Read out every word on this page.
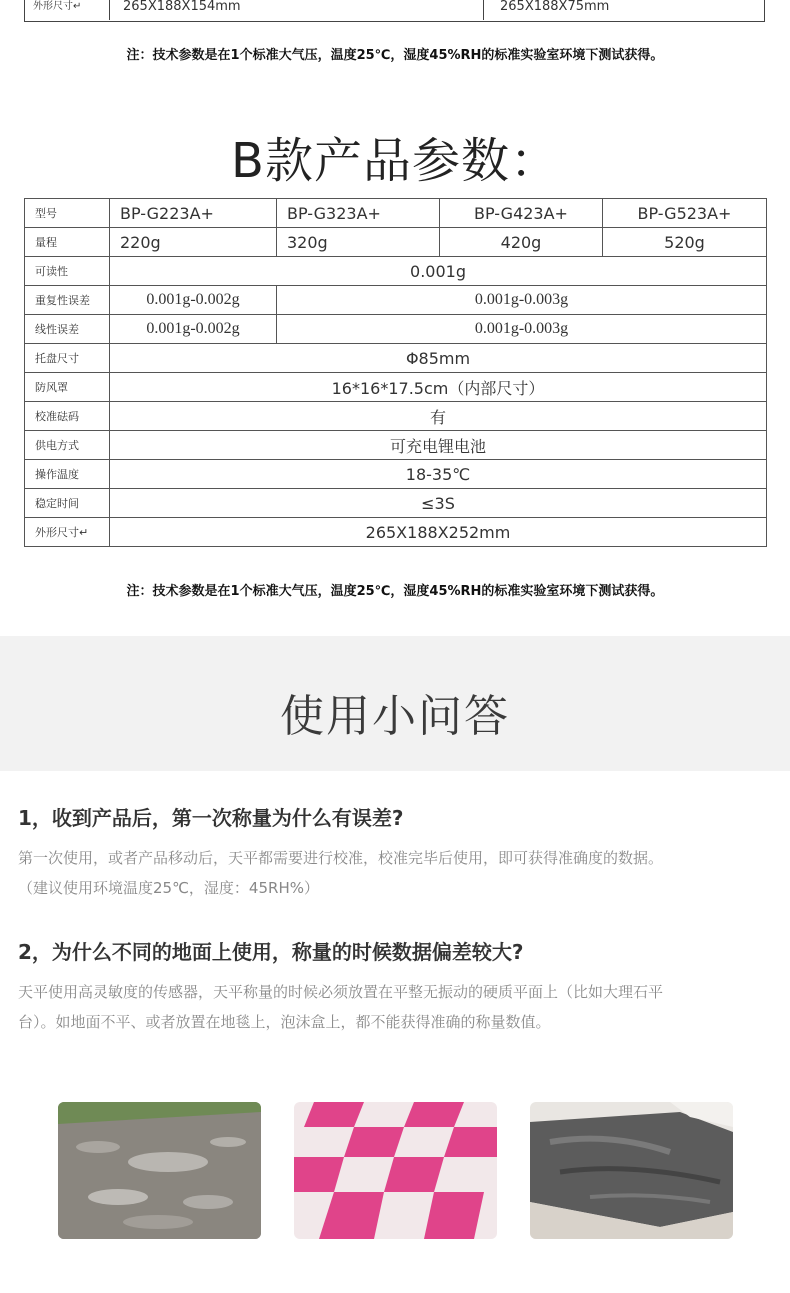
外形尺寸↵	265X188X154mm	265X188X75mm
注：技术参数是在1个标准大气压，温度25℃，湿度45%RH的标准实验室环境下测试获得。
B款产品参数：
型号	BP-G223A+	BP-G323A+	BP-G423A+	BP-G523A+
量程	220g	320g	420g	520g
可读性	0.001g			
重复性误差	0.001g-0.002g	0.001g-0.003g		
线性误差	0.001g-0.002g	0.001g-0.003g		
托盘尺寸	Φ85mm			
防风罩	16*16*17.5cm（内部尺寸）			
校准砝码	有			
供电方式	可充电锂电池			
操作温度	18-35℃			
稳定时间	≤3S			
外形尺寸↵	265X188X252mm			
注：技术参数是在1个标准大气压，温度25℃，湿度45%RH的标准实验室环境下测试获得。
使用小问答
1，收到产品后，第一次称量为什么有误差?
第一次使用，或者产品移动后，天平都需要进行校准，校准完毕后使用，即可获得准确度的数据。
（建议使用环境温度25℃，湿度：45RH%）
2，为什么不同的地面上使用，称量的时候数据偏差较大?
天平使用高灵敏度的传感器，天平称量的时候必须放置在平整无振动的硬质平面上（比如大理石平
台）。如地面不平、或者放置在地毯上，泡沫盒上，都不能获得准确的称量数值。
